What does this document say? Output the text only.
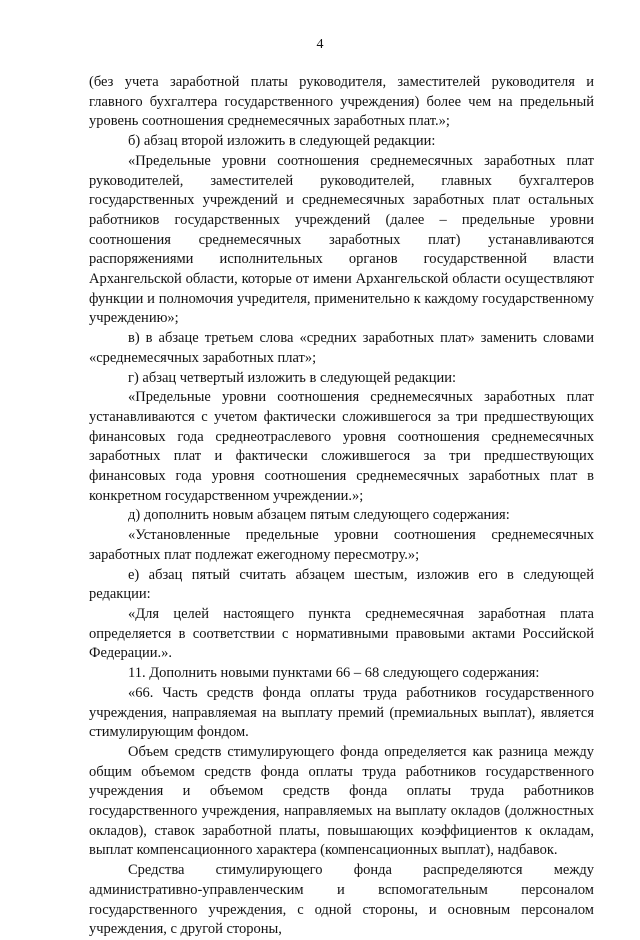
4

(без учета заработной платы руководителя, заместителей руководителя и главного бухгалтера государственного учреждения) более чем на предельный уровень соотношения среднемесячных заработных плат.»;

б) абзац второй изложить в следующей редакции:

«Предельные уровни соотношения среднемесячных заработных плат руководителей, заместителей руководителей, главных бухгалтеров государственных учреждений и среднемесячных заработных плат остальных работников государственных учреждений (далее – предельные уровни соотношения среднемесячных заработных плат) устанавливаются распоряжениями исполнительных органов государственной власти Архангельской области, которые от имени Архангельской области осуществляют функции и полномочия учредителя, применительно к каждому государственному учреждению»;

в) в абзаце третьем слова «средних заработных плат» заменить словами «среднемесячных заработных плат»;

г) абзац четвертый изложить в следующей редакции:

«Предельные уровни соотношения среднемесячных заработных плат устанавливаются с учетом фактически сложившегося за три предшествующих финансовых года среднеотраслевого уровня соотношения среднемесячных заработных плат и фактически сложившегося за три предшествующих финансовых года уровня соотношения среднемесячных заработных плат в конкретном государственном учреждении.»;

д) дополнить новым абзацем пятым следующего содержания:

«Установленные предельные уровни соотношения среднемесячных заработных плат подлежат ежегодному пересмотру.»;

е) абзац пятый считать абзацем шестым, изложив его в следующей редакции:

«Для целей настоящего пункта среднемесячная заработная плата определяется в соответствии с нормативными правовыми актами Российской Федерации.».

11. Дополнить новыми пунктами 66 – 68 следующего содержания:

«66. Часть средств фонда оплаты труда работников государственного учреждения, направляемая на выплату премий (премиальных выплат), является стимулирующим фондом.

Объем средств стимулирующего фонда определяется как разница между общим объемом средств фонда оплаты труда работников государственного учреждения и объемом средств фонда оплаты труда работников государственного учреждения, направляемых на выплату окладов (должностных окладов), ставок заработной платы, повышающих коэффициентов к окладам, выплат компенсационного характера (компенсационных выплат), надбавок.

Средства стимулирующего фонда распределяются между административно-управленческим и вспомогательным персоналом государственного учреждения, с одной стороны, и основным персоналом учреждения, с другой стороны,
